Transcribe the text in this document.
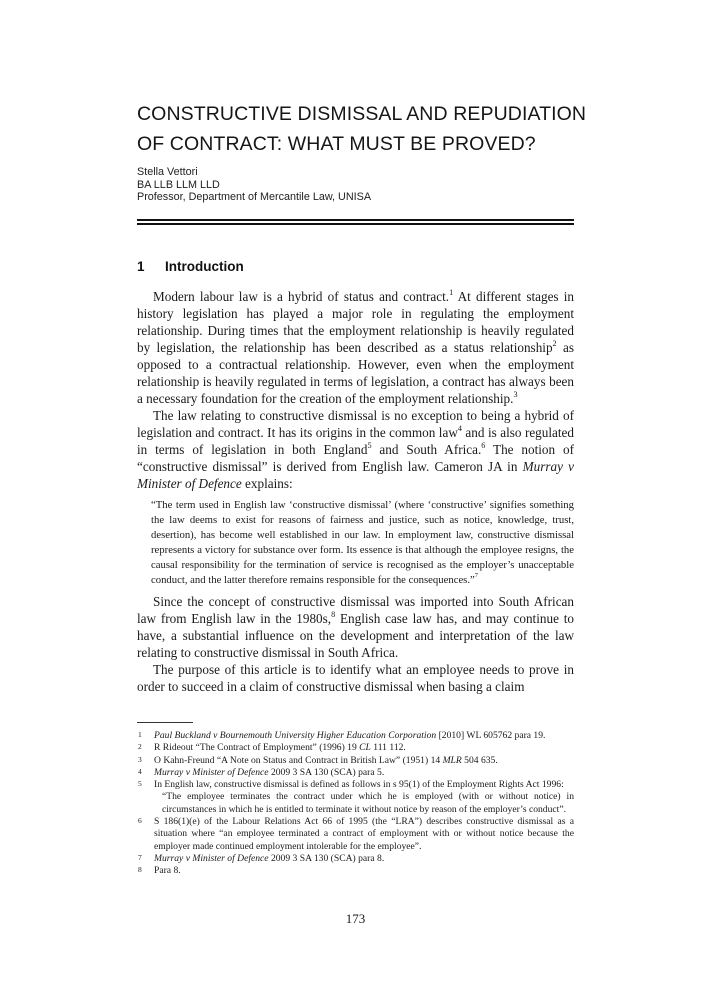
CONSTRUCTIVE DISMISSAL AND REPUDIATION
OF CONTRACT: WHAT MUST BE PROVED?
Stella Vettori
BA LLB LLM LLD
Professor, Department of Mercantile Law, UNISA
1 Introduction

Modern labour law is a hybrid of status and contract.$^1$ At different stages in history legislation has played a major role in regulating the employment relationship. During times that the employment relationship is heavily regulated by legislation, the relationship has been described as a status relationship$^2$ as opposed to a contractual relationship. However, even when the employment relationship is heavily regulated in terms of legislation, a contract has always been a necessary foundation for the creation of the employment relationship.$^3$

The law relating to constructive dismissal is no exception to being a hybrid of legislation and contract. It has its origins in the common law$^4$ and is also regulated in terms of legislation in both England$^5$ and South Africa.$^6$ The notion of “constructive dismissal” is derived from English law. Cameron JA in Murray v Minister of Defence explains:

“The term used in English law ‘constructive dismissal’ (where ‘constructive’ signifies something the law deems to exist for reasons of fairness and justice, such as notice, knowledge, trust, desertion), has become well established in our law. In employment law, constructive dismissal represents a victory for substance over form. Its essence is that although the employee resigns, the causal responsibility for the termination of service is recognised as the employer’s unacceptable conduct, and the latter therefore remains responsible for the consequences.”$^7$

Since the concept of constructive dismissal was imported into South African law from English law in the 1980s,$^8$ English case law has, and may continue to have, a substantial influence on the development and interpretation of the law relating to constructive dismissal in South Africa.

The purpose of this article is to identify what an employee needs to prove in order to succeed in a claim of constructive dismissal when basing a claim

1 Paul Buckland v Bournemouth University Higher Education Corporation [2010] WL 605762 para 19.
2 R Rideout “The Contract of Employment” (1996) 19 CL 111 112.
3 O Kahn-Freund “A Note on Status and Contract in British Law” (1951) 14 MLR 504 635.
4 Murray v Minister of Defence 2009 3 SA 130 (SCA) para 5.
5 In English law, constructive dismissal is defined as follows in s 95(1) of the Employment Rights Act 1996:
“The employee terminates the contract under which he is employed (with or without notice) in circumstances in which he is entitled to terminate it without notice by reason of the employer’s conduct”.
6 S 186(1)(e) of the Labour Relations Act 66 of 1995 (the “LRA”) describes constructive dismissal as a situation where “an employee terminated a contract of employment with or without notice because the employer made continued employment intolerable for the employee”.
7 Murray v Minister of Defence 2009 3 SA 130 (SCA) para 8.
8 Para 8.
173
